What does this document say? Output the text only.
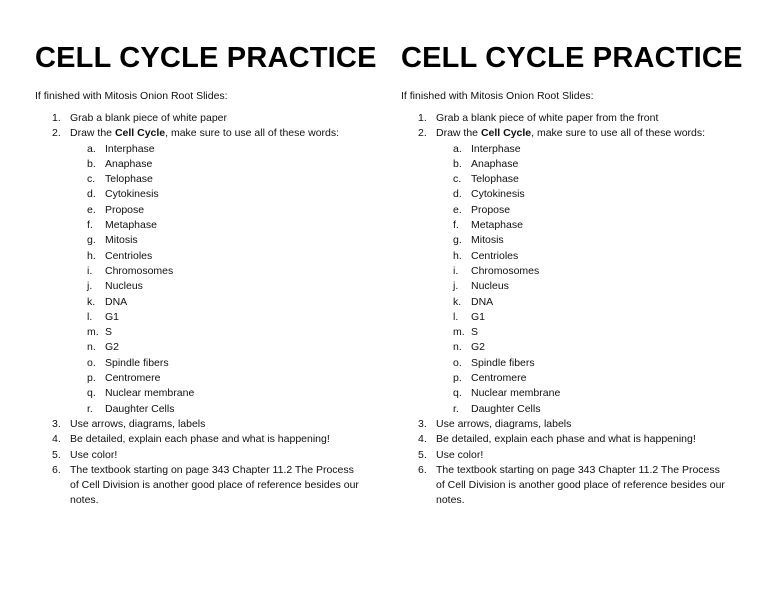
CELL CYCLE PRACTICE
If finished with Mitosis Onion Root Slides:
1. Grab a blank piece of white paper
2. Draw the Cell Cycle, make sure to use all of these words:
a. Interphase
b. Anaphase
c. Telophase
d. Cytokinesis
e. Propose
f. Metaphase
g. Mitosis
h. Centrioles
i. Chromosomes
j. Nucleus
k. DNA
l. G1
m. S
n. G2
o. Spindle fibers
p. Centromere
q. Nuclear membrane
r. Daughter Cells
3. Use arrows, diagrams, labels
4. Be detailed, explain each phase and what is happening!
5. Use color!
6. The textbook starting on page 343 Chapter 11.2 The Process of Cell Division is another good place of reference besides our notes.
CELL CYCLE PRACTICE
If finished with Mitosis Onion Root Slides:
1. Grab a blank piece of white paper from the front
2. Draw the Cell Cycle, make sure to use all of these words:
a. Interphase
b. Anaphase
c. Telophase
d. Cytokinesis
e. Propose
f. Metaphase
g. Mitosis
h. Centrioles
i. Chromosomes
j. Nucleus
k. DNA
l. G1
m. S
n. G2
o. Spindle fibers
p. Centromere
q. Nuclear membrane
r. Daughter Cells
3. Use arrows, diagrams, labels
4. Be detailed, explain each phase and what is happening!
5. Use color!
6. The textbook starting on page 343 Chapter 11.2 The Process of Cell Division is another good place of reference besides our notes.
